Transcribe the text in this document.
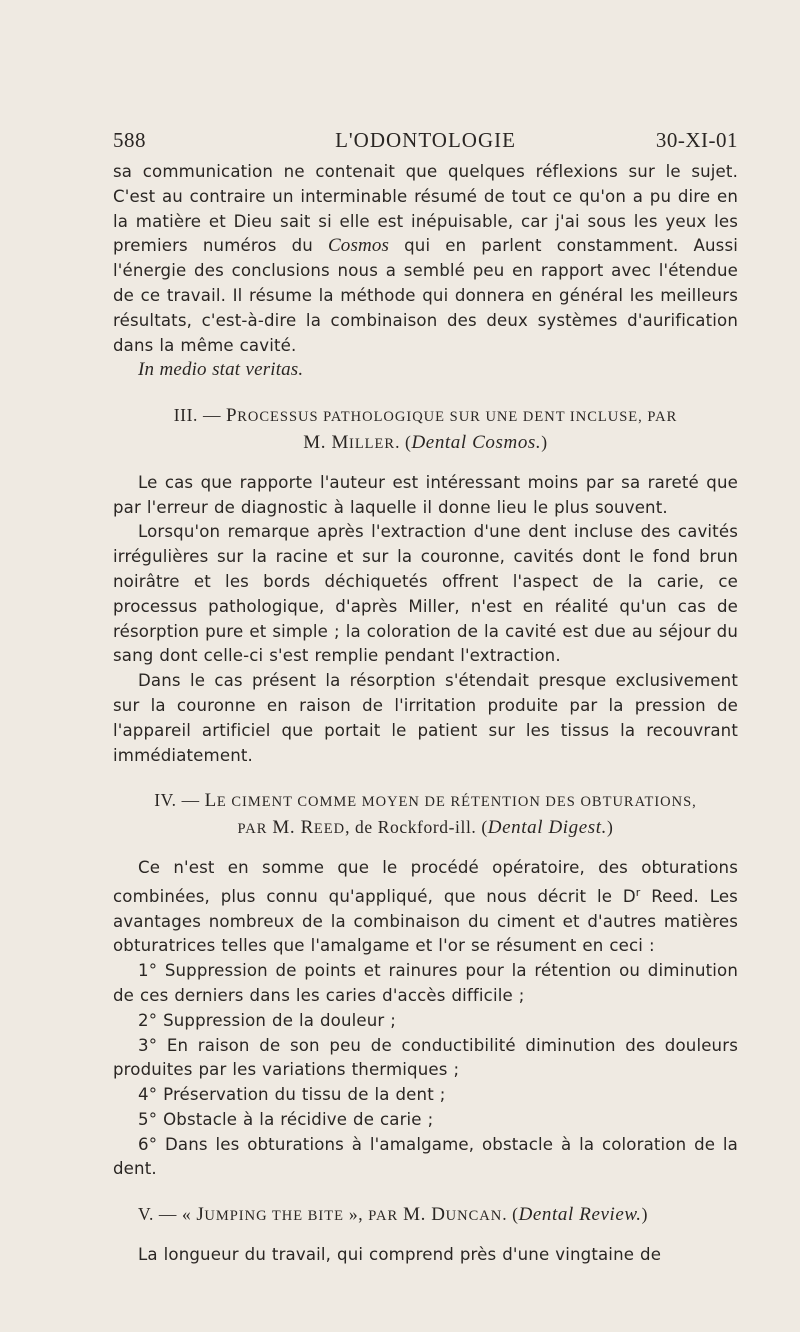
588	L'ODONTOLOGIE	30-XI-01

sa communication ne contenait que quelques réflexions sur le sujet. C'est au contraire un interminable résumé de tout ce qu'on a pu dire en la matière et Dieu sait si elle est inépuisable, car j'ai sous les yeux les premiers numéros du Cosmos qui en parlent constamment. Aussi l'énergie des conclusions nous a semblé peu en rapport avec l'étendue de ce travail. Il résume la méthode qui donnera en général les meilleurs résultats, c'est-à-dire la combinaison des deux systèmes d'aurification dans la même cavité.

In medio stat veritas.

III. — PROCESSUS PATHOLOGIQUE SUR UNE DENT INCLUSE, PAR
M. MILLER. (Dental Cosmos.)

Le cas que rapporte l'auteur est intéressant moins par sa rareté que par l'erreur de diagnostic à laquelle il donne lieu le plus souvent.

Lorsqu'on remarque après l'extraction d'une dent incluse des cavités irrégulières sur la racine et sur la couronne, cavités dont le fond brun noirâtre et les bords déchiquetés offrent l'aspect de la carie, ce processus pathologique, d'après Miller, n'est en réalité qu'un cas de résorption pure et simple ; la coloration de la cavité est due au séjour du sang dont celle-ci s'est remplie pendant l'extraction.

Dans le cas présent la résorption s'étendait presque exclusivement sur la couronne en raison de l'irritation produite par la pression de l'appareil artificiel que portait le patient sur les tissus la recouvrant immédiatement.

IV. — LE CIMENT COMME MOYEN DE RÉTENTION DES OBTURATIONS,
PAR M. REED, de Rockford-ill. (Dental Digest.)

Ce n'est en somme que le procédé opératoire, des obturations combinées, plus connu qu'appliqué, que nous décrit le $D^r$ Reed. Les avantages nombreux de la combinaison du ciment et d'autres matières obturatrices telles que l'amalgame et l'or se résument en ceci :

1° Suppression de points et rainures pour la rétention ou diminution de ces derniers dans les caries d'accès difficile ;

2° Suppression de la douleur ;

3° En raison de son peu de conductibilité diminution des douleurs produites par les variations thermiques ;

4° Préservation du tissu de la dent ;

5° Obstacle à la récidive de carie ;

6° Dans les obturations à l'amalgame, obstacle à la coloration de la dent.

V. — « JUMPING THE BITE », PAR M. DUNCAN. (Dental Review.)

La longueur du travail, qui comprend près d'une vingtaine de
